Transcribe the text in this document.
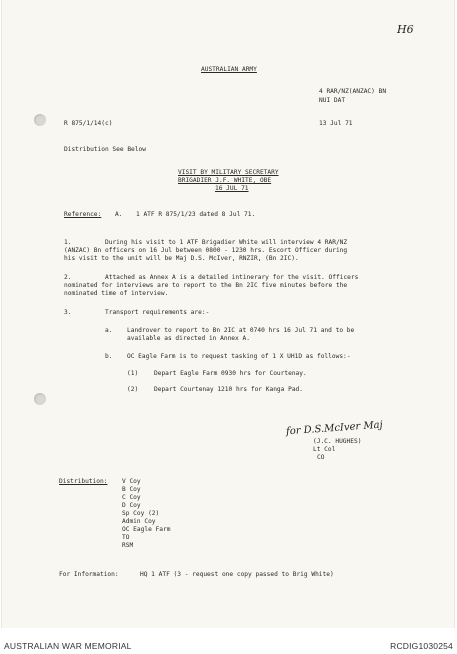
H6
AUSTRALIAN ARMY
4 RAR/NZ(ANZAC) BN
NUI DAT
R 875/1/14(c)	13 Jul 71
Distribution See Below
VISIT BY MILITARY SECRETARY
BRIGADIER J.F. WHITE, OBE
16 JUL 71
Reference: A. 1 ATF R 875/1/23 dated 8 Jul 71.
1.	During his visit to 1 ATF Brigadier White will interview 4 RAR/NZ
(ANZAC) Bn officers on 16 Jul between 0800 - 1230 hrs. Escort Officer during
his visit to the unit will be Maj D.S. McIver, RNZIR, (Bn 2IC).
2.	Attached as Annex A is a detailed intinerary for the visit. Officers
nominated for interviews are to report to the Bn 2IC five minutes before the
nominated time of interview.
3.	Transport requirements are:-
a. Landrover to report to Bn 2IC at 0740 hrs 16 Jul 71 and to be
available as directed in Annex A.
b. OC Eagle Farm is to request tasking of 1 X UH1D as follows:-
(1)	Depart Eagle Farm 0930 hrs for Courtenay.
(2)	Depart Courtenay 1210 hrs for Kanga Pad.
for D.S.McIver Maj
(J.C. HUGHES)
Lt Col
CO
Distribution: V Coy
B Coy
C Coy
D Coy
Sp Coy (2)
Admin Coy
OC Eagle Farm
TO
RSM
For Information:	HQ 1 ATF (3 - request one copy passed to Brig White)
AUSTRALIAN WAR MEMORIAL	RCDIG1030254
